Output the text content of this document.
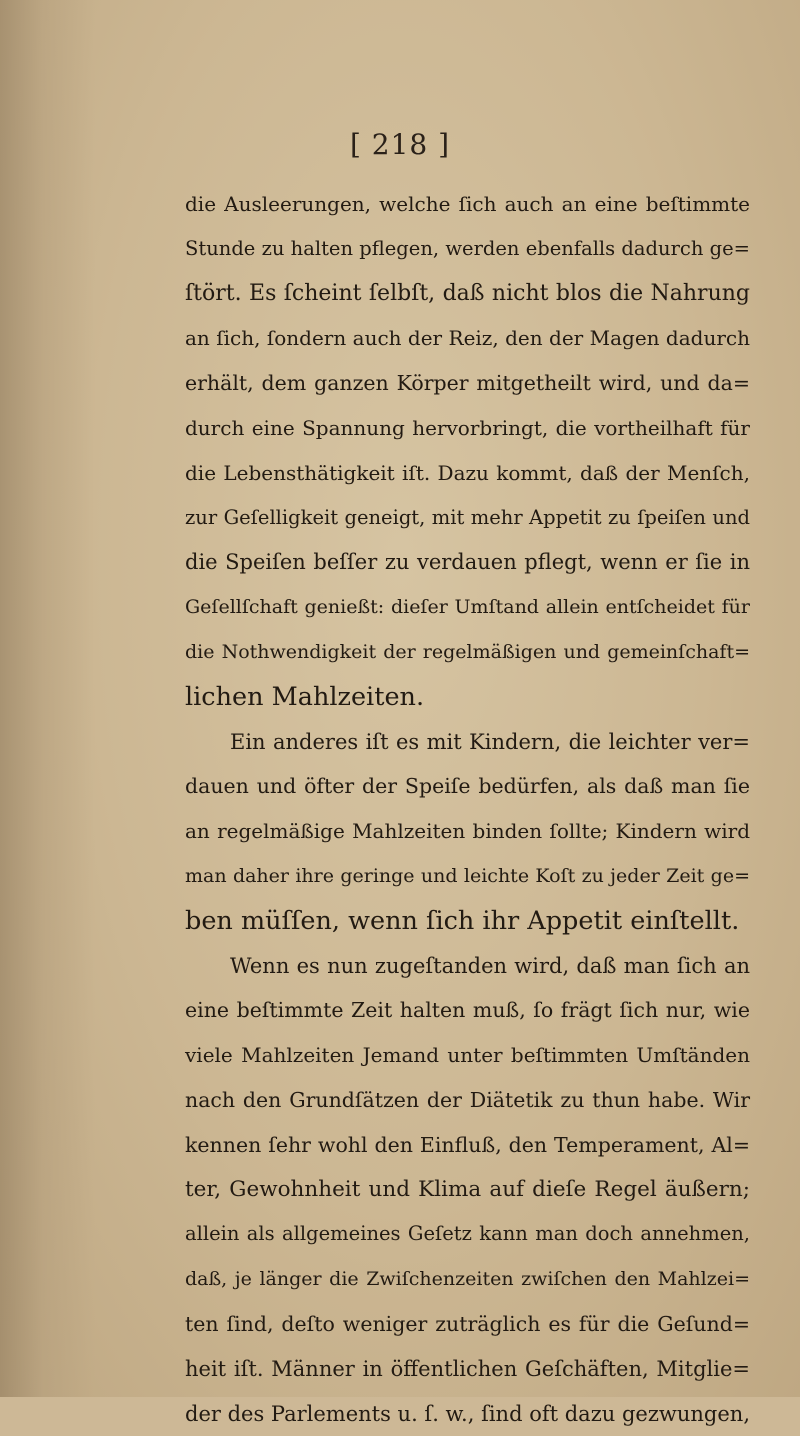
[ 218 ]
die Ausleerungen, welche ſich auch an eine beſtimmte
Stunde zu halten pflegen, werden ebenfalls dadurch ge=
ſtört. Es ſcheint ſelbſt, daß nicht blos die Nahrung
an ſich, ſondern auch der Reiz, den der Magen dadurch
erhält, dem ganzen Körper mitgetheilt wird, und da=
durch eine Spannung hervorbringt, die vortheilhaft für
die Lebensthätigkeit iſt. Dazu kommt, daß der Menſch,
zur Geſelligkeit geneigt, mit mehr Appetit zu ſpeiſen und
die Speiſen beſſer zu verdauen pflegt, wenn er ſie in
Geſellſchaft genießt: dieſer Umſtand allein entſcheidet für
die Nothwendigkeit der regelmäßigen und gemeinſchaft=
lichen Mahlzeiten.
Ein anderes iſt es mit Kindern, die leichter ver=
dauen und öfter der Speiſe bedürfen, als daß man ſie
an regelmäßige Mahlzeiten binden ſollte; Kindern wird
man daher ihre geringe und leichte Koſt zu jeder Zeit ge=
ben müſſen, wenn ſich ihr Appetit einſtellt.
Wenn es nun zugeſtanden wird, daß man ſich an
eine beſtimmte Zeit halten muß, ſo frägt ſich nur, wie
viele Mahlzeiten Jemand unter beſtimmten Umſtänden
nach den Grundſätzen der Diätetik zu thun habe. Wir
kennen ſehr wohl den Einfluß, den Temperament, Al=
ter, Gewohnheit und Klima auf dieſe Regel äußern;
allein als allgemeines Geſetz kann man doch annehmen,
daß, je länger die Zwiſchenzeiten zwiſchen den Mahlzei=
ten ſind, deſto weniger zuträglich es für die Geſund=
heit iſt. Männer in öffentlichen Geſchäften, Mitglie=
der des Parlements u. ſ. w., ſind oft dazu gezwungen,
